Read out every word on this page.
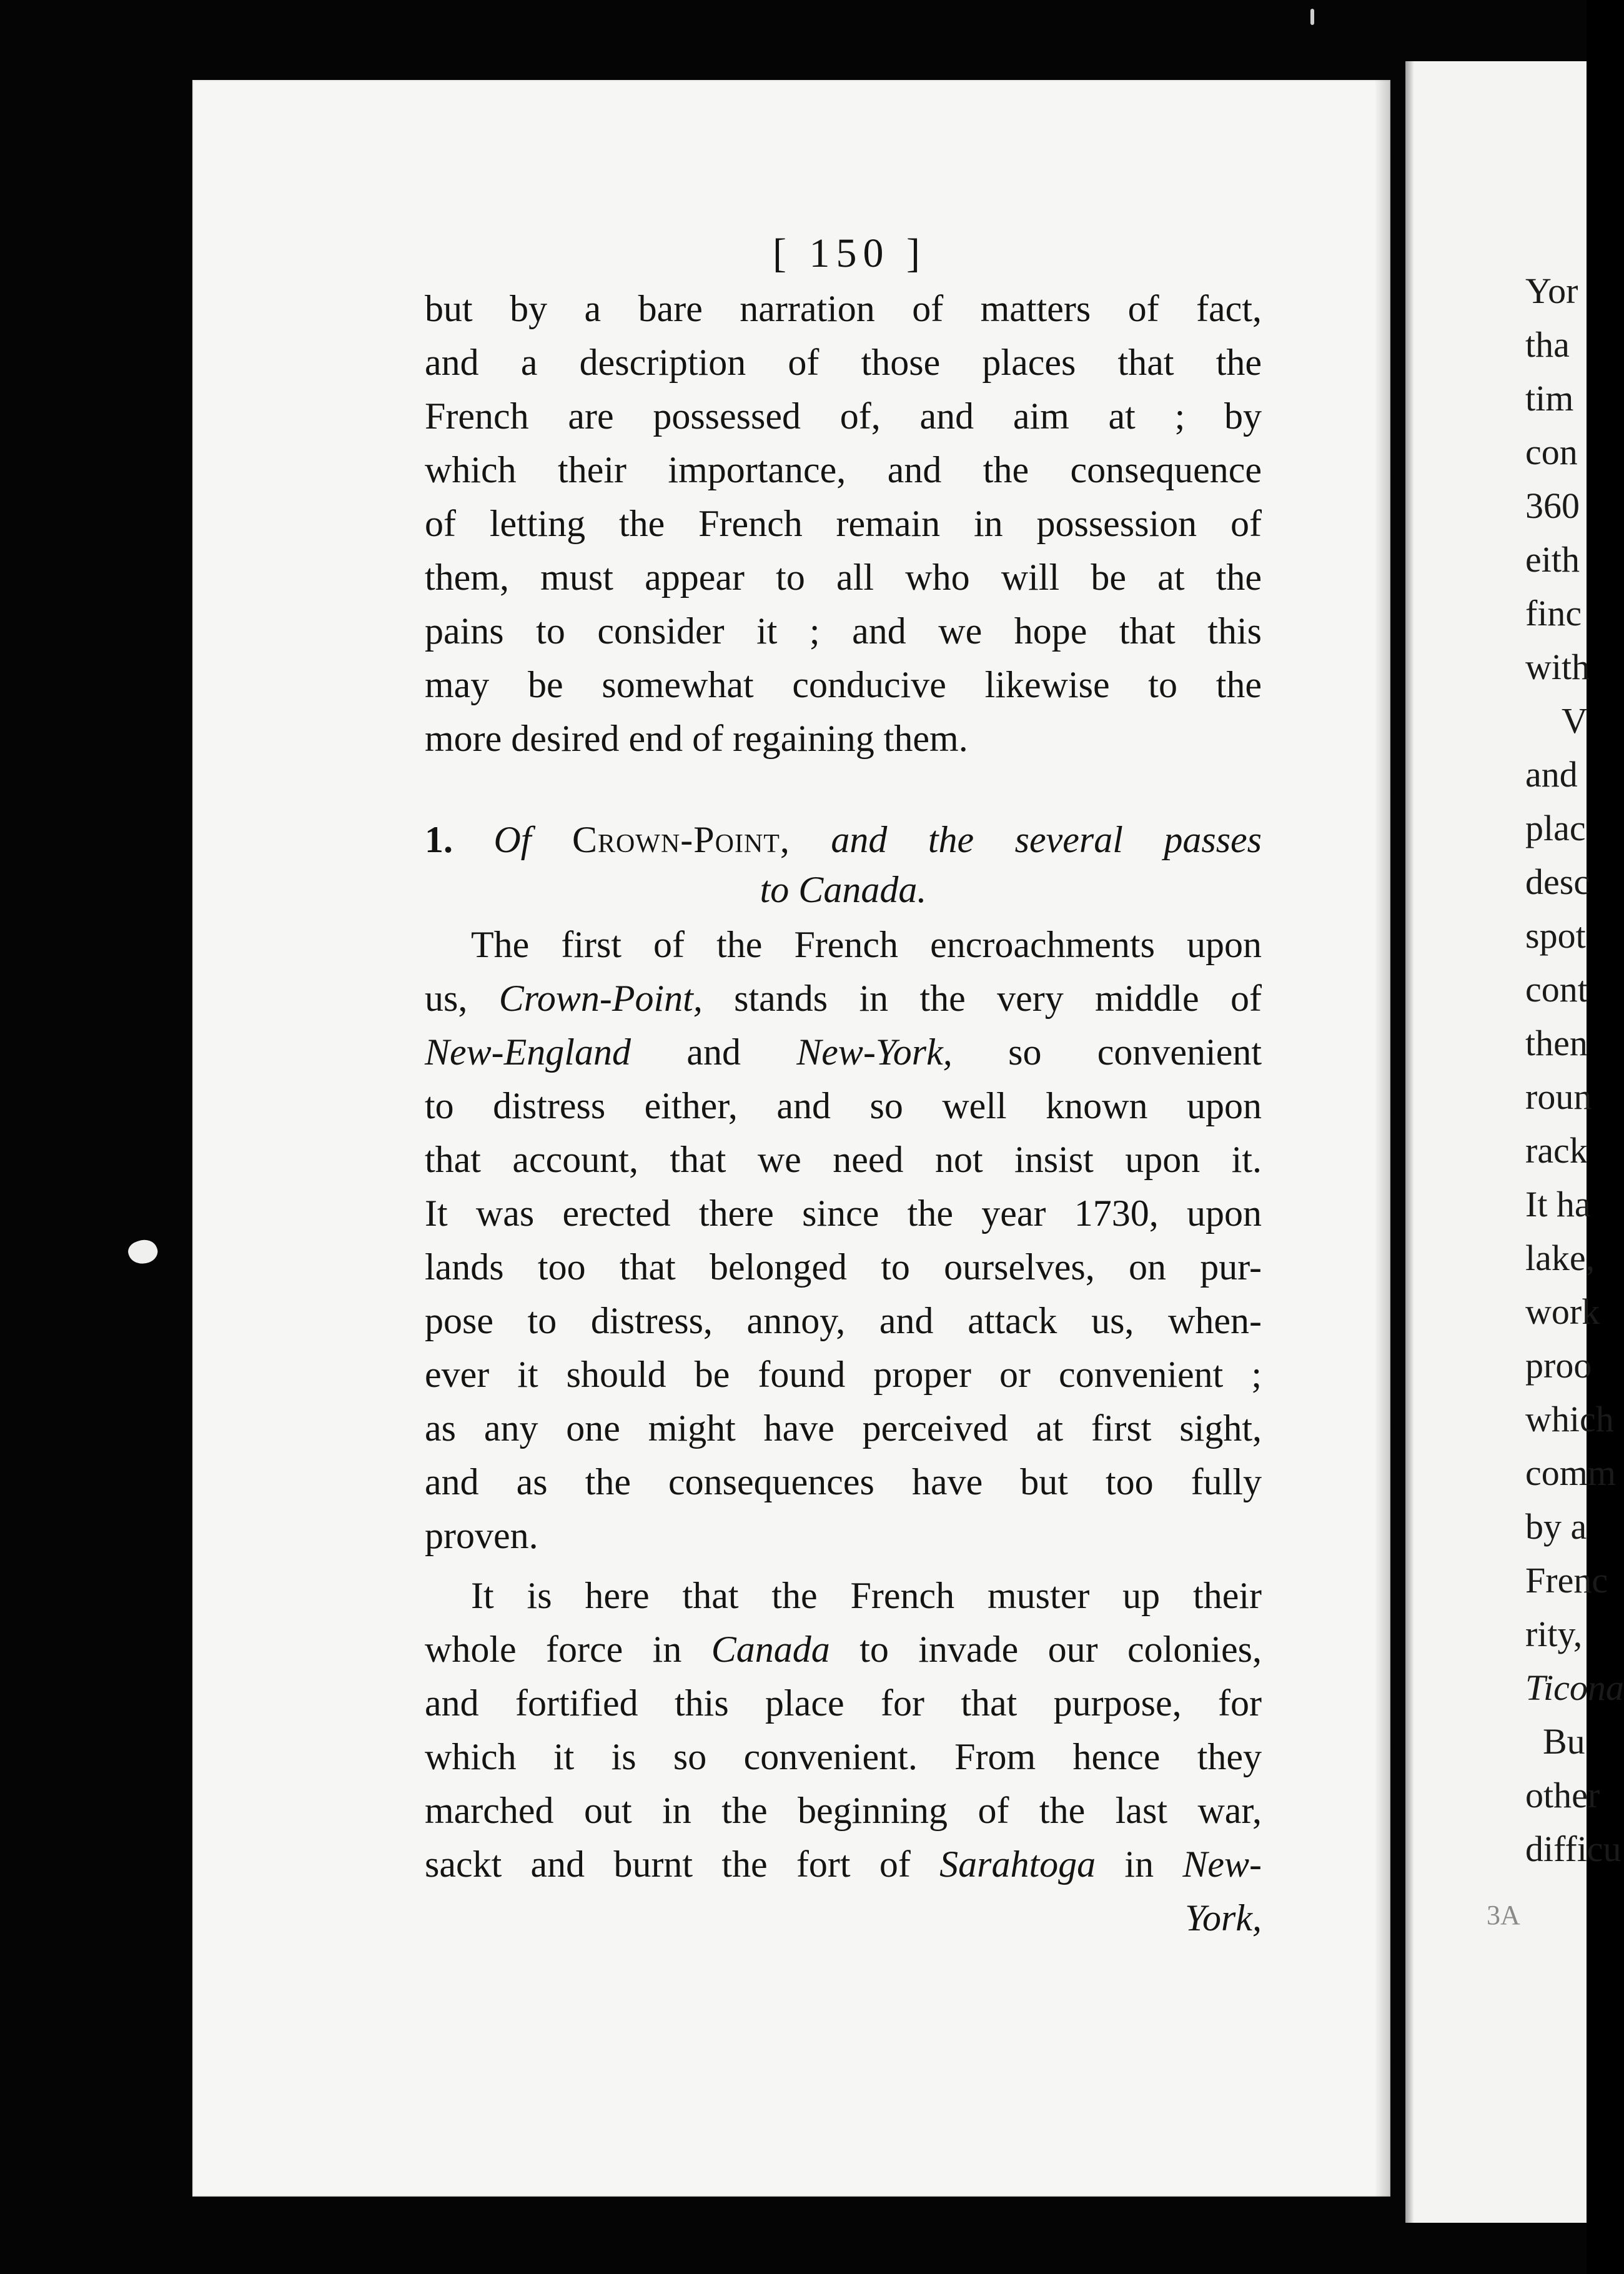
[ 150 ]
but by a bare narration of matters of fact,
and a description of those places that the
French are possessed of, and aim at ; by
which their importance, and the consequence
of letting the French remain in possession of
them, must appear to all who will be at the
pains to consider it ; and we hope that this
may be somewhat conducive likewise to the
more desired end of regaining them.
1. Of Crown-Point, and the several passes
to Canada.
The first of the French encroachments upon
us, Crown-Point, stands in the very middle of
New-England and New-York, so convenient
to distress either, and so well known upon
that account, that we need not insist upon it.
It was erected there since the year 1730, upon
lands too that belonged to ourselves, on pur-
pose to distress, annoy, and attack us, when-
ever it should be found proper or convenient ;
as any one might have perceived at first sight,
and as the consequences have but too fully
proven.
It is here that the French muster up their
whole force in Canada to invade our colonies,
and fortified this place for that purpose, for
which it is so convenient. From hence they
marched out in the beginning of the last war,
sackt and burnt the fort of Sarahtoga in New-
York,
Yor
tha
tim
con
360
eith
finc
with
V
and
plac
desc
spot
cont
then
roun
rack
It ha
lake,
work
proo
which
comm
by a
Frenc
rity,
Ticona
Bu
other
difficu
3A
